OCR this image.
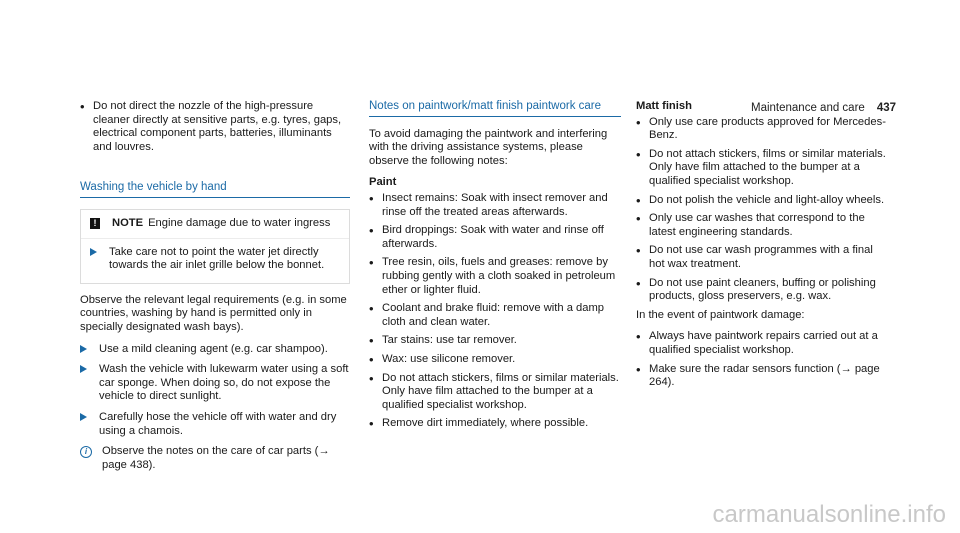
Maintenance and care 437
• Do not direct the nozzle of the high-pressure cleaner directly at sensitive parts, e.g. tyres, gaps, electrical component parts, batteries, illuminants and louvres.
Washing the vehicle by hand
!	NOTE Engine damage due to water ingress
Take care not to point the water jet directly towards the air inlet grille below the bonnet.

Observe the relevant legal requirements (e.g. in some countries, washing by hand is permitted only in specially designated wash bays).

Use a mild cleaning agent (e.g. car shampoo).
Wash the vehicle with lukewarm water using a soft car sponge. When doing so, do not expose the vehicle to direct sunlight.
Carefully hose the vehicle off with water and dry using a chamois.
i	Observe the notes on the care of car parts (→ page 438).
Notes on paintwork/matt finish paintwork care

To avoid damaging the paintwork and interfering with the driving assistance systems, please observe the following notes:

Paint
• Insect remains: Soak with insect remover and rinse off the treated areas afterwards.
• Bird droppings: Soak with water and rinse off afterwards.
• Tree resin, oils, fuels and greases: remove by rubbing gently with a cloth soaked in petroleum ether or lighter fluid.
• Coolant and brake fluid: remove with a damp cloth and clean water.
• Tar stains: use tar remover.
• Wax: use silicone remover.
• Do not attach stickers, films or similar materials. Only have film attached to the bumper at a qualified specialist workshop.
• Remove dirt immediately, where possible.
Matt finish
• Only use care products approved for Mercedes-Benz.
• Do not attach stickers, films or similar materials. Only have film attached to the bumper at a qualified specialist workshop.
• Do not polish the vehicle and light-alloy wheels.
• Only use car washes that correspond to the latest engineering standards.
• Do not use car wash programmes with a final hot wax treatment.
• Do not use paint cleaners, buffing or polishing products, gloss preservers, e.g. wax.

In the event of paintwork damage:

• Always have paintwork repairs carried out at a qualified specialist workshop.
• Make sure the radar sensors function (→ page 264).
carmanualsonline.info
